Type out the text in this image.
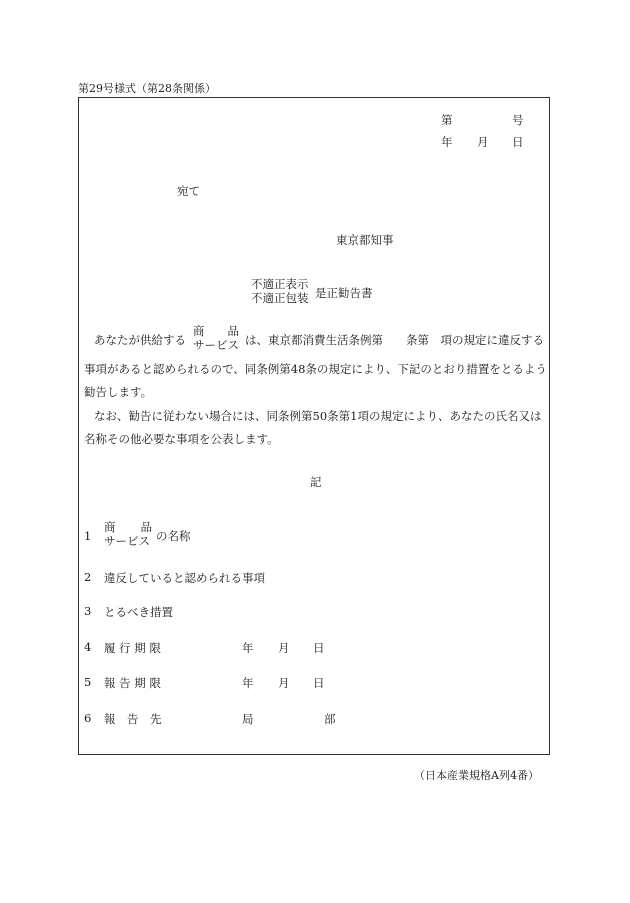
第29号様式（第28条関係）
第	号
年 月 日
宛て
東京都知事
不適正表示
不適正包装 是正勧告書
あなたが供給する
商 品
サービス は、東京都消費生活条例第　　条第　項の規定に違反する
事項があると認められるので、同条例第48条の規定により、下記のとおり措置をとるよう
勧告します。
なお、勧告に従わない場合には、同条例第50条第1項の規定により、あなたの氏名又は
名称その他必要な事項を公表します。
記
1
商 品
サービス の名称
2 違反していると認められる事項
3 とるべき措置
4 履 行 期 限	年 月 日
5 報 告 期 限	年 月 日
6 報　告　先	局	部
（日本産業規格A列4番）
